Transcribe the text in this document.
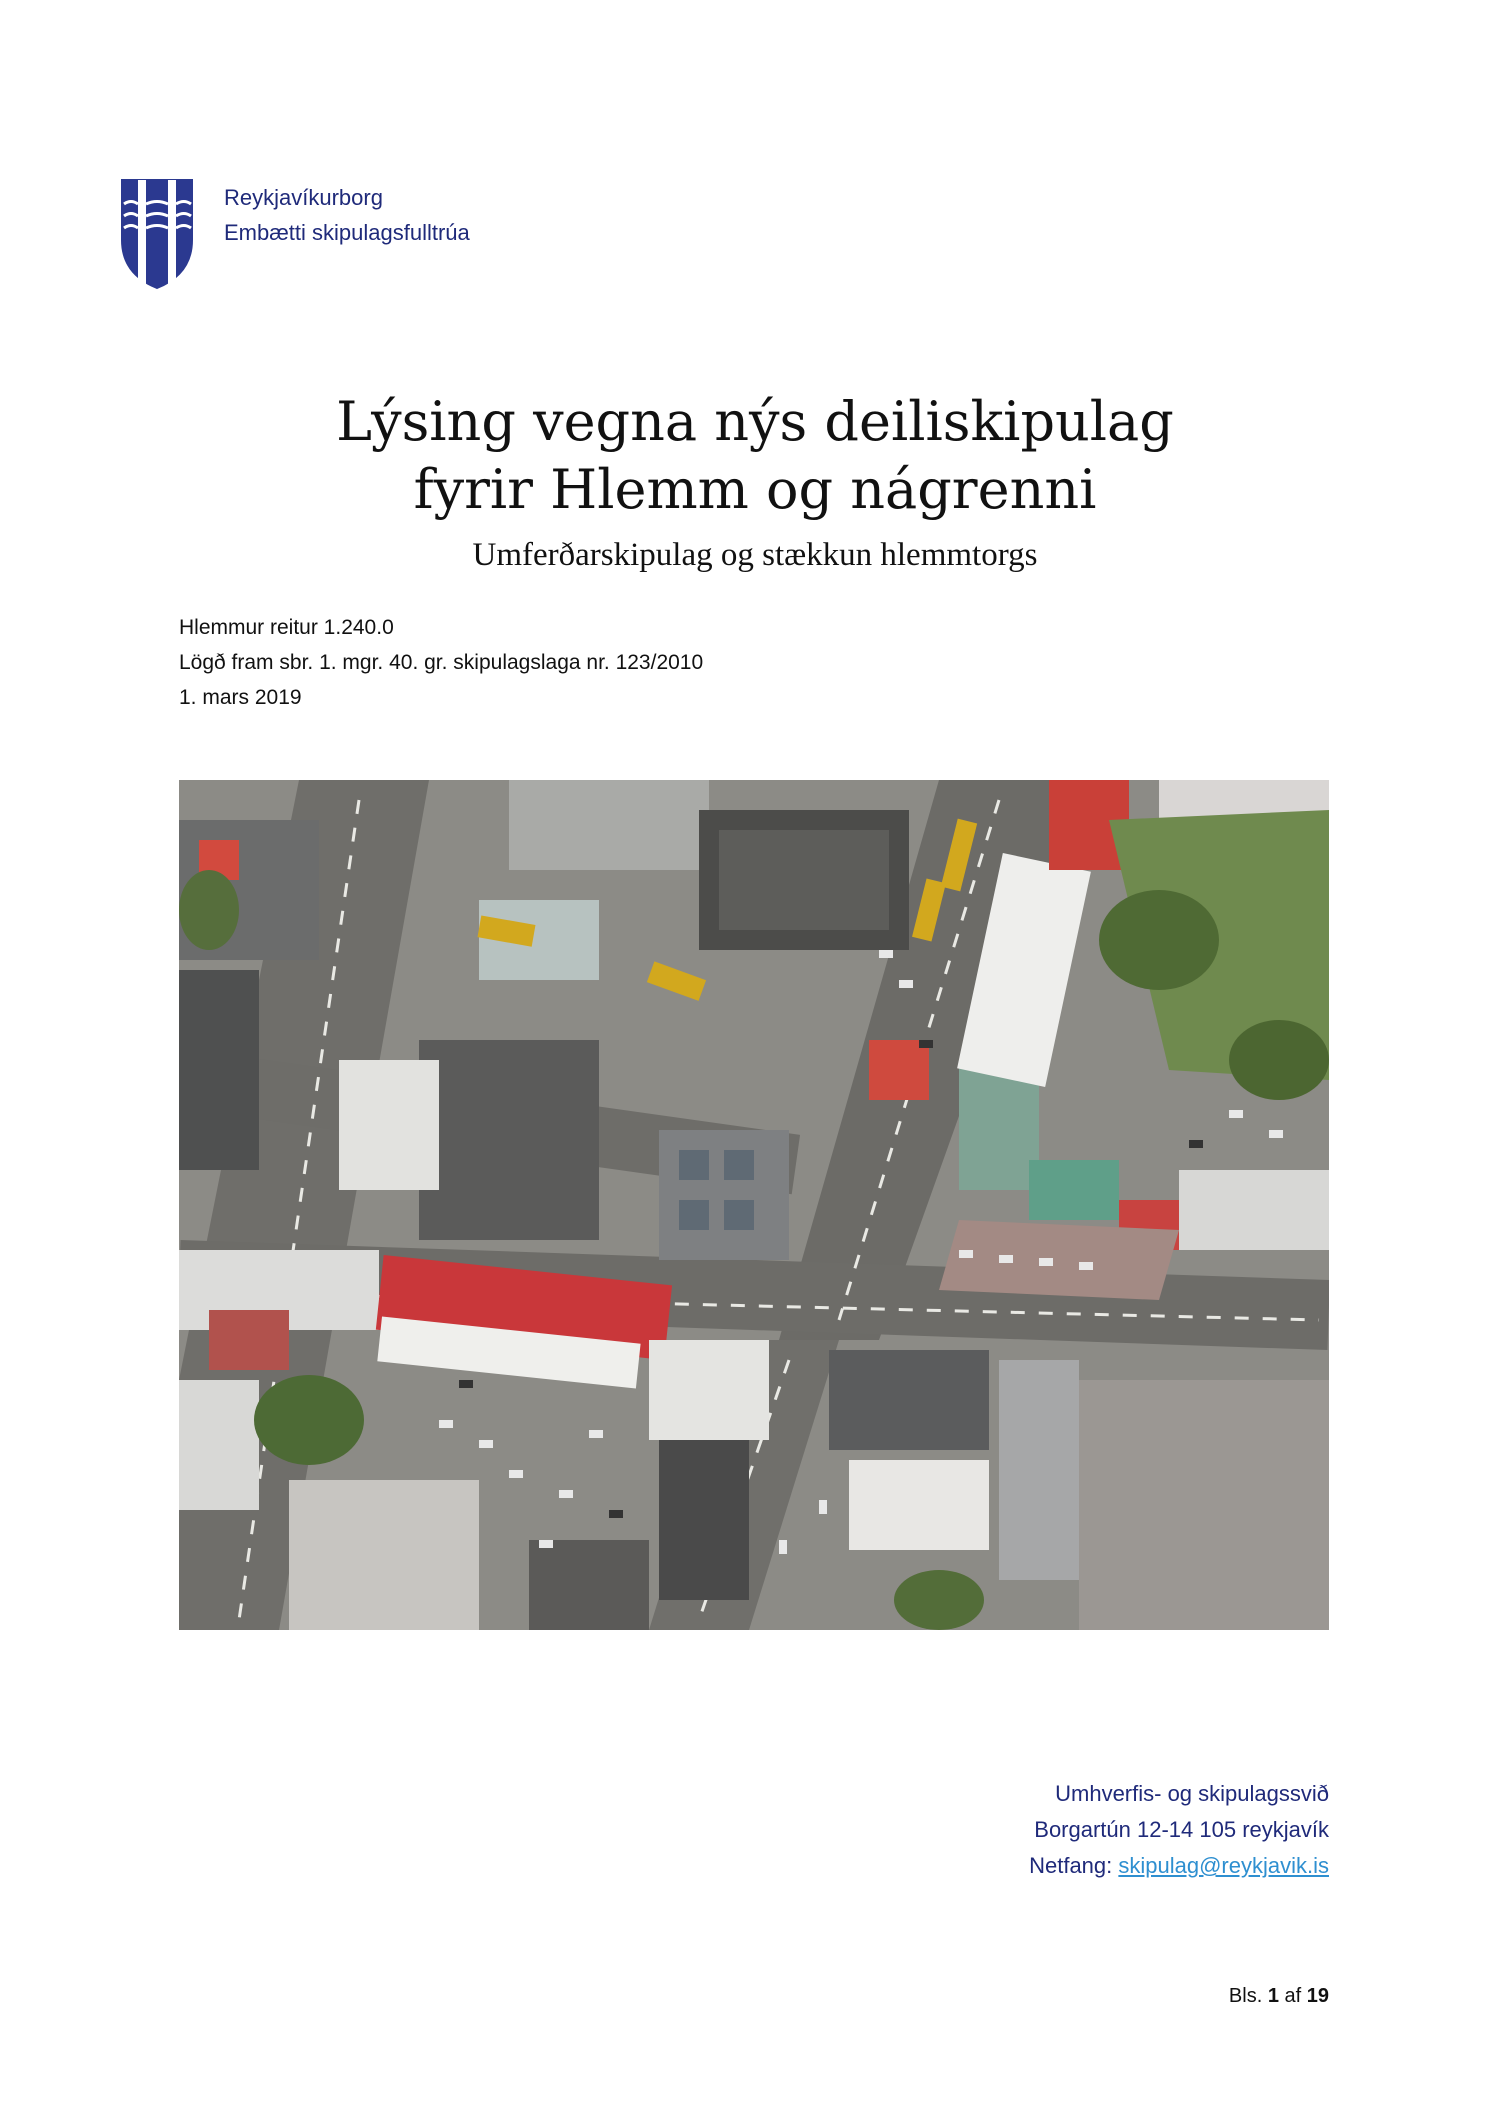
Reykjavíkurborg
Embætti skipulagsfulltrúa
Lýsing vegna nýs deiliskipulag
fyrir Hlemm og nágrenni
Umferðarskipulag og stækkun hlemmtorgs
Hlemmur reitur 1.240.0
Lögð fram sbr. 1. mgr. 40. gr. skipulagslaga nr. 123/2010
1. mars 2019
Umhverfis- og skipulagssvið
Borgartún 12-14 105 reykjavík
Netfang: skipulag@reykjavik.is
Bls. 1 af 19
